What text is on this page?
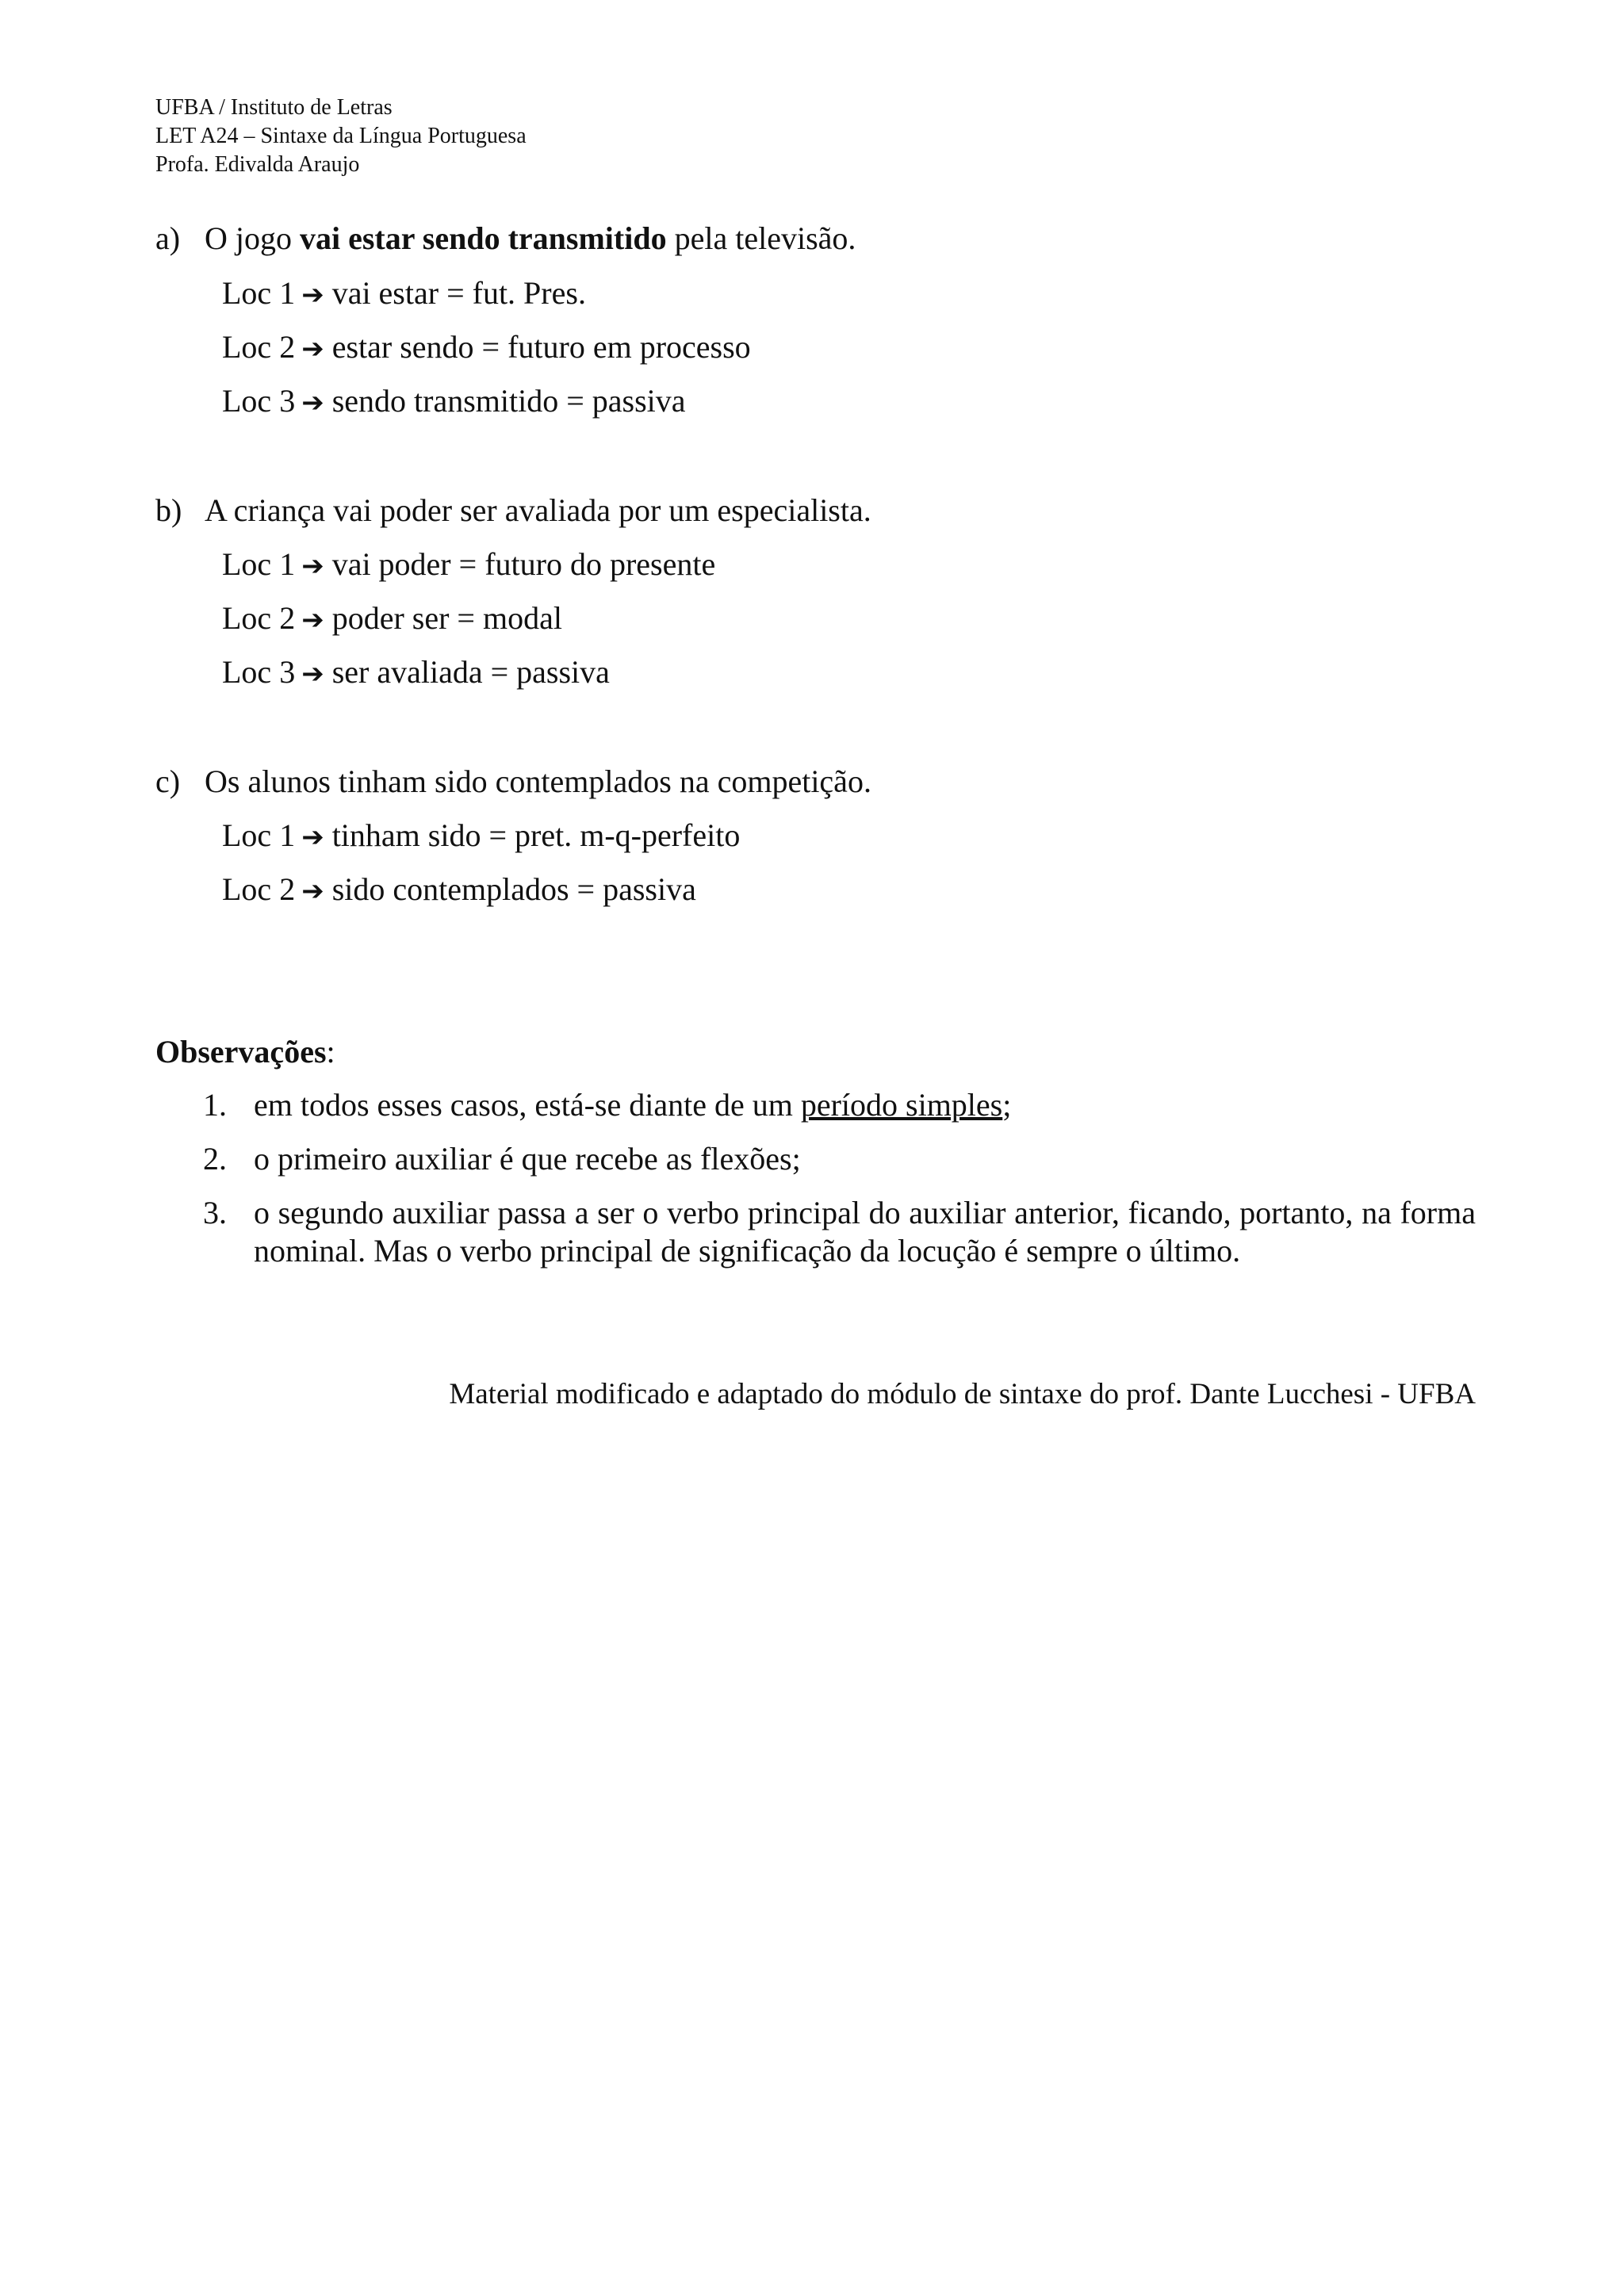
UFBA / Instituto de Letras
LET A24 – Sintaxe da Língua Portuguesa
Profa. Edivalda Araujo
a) O jogo vai estar sendo transmitido pela televisão.
Loc 1 ➔ vai estar = fut. Pres.
Loc 2 ➔ estar sendo = futuro em processo
Loc 3 ➔ sendo transmitido = passiva
b) A criança vai poder ser avaliada por um especialista.
Loc 1 ➔ vai poder = futuro do presente
Loc 2 ➔ poder ser = modal
Loc 3 ➔ ser avaliada = passiva
c) Os alunos tinham sido contemplados na competição.
Loc 1 ➔ tinham sido = pret. m-q-perfeito
Loc 2 ➔ sido contemplados = passiva
Observações:
1. em todos esses casos, está-se diante de um período simples;
2. o primeiro auxiliar é que recebe as flexões;
3. o segundo auxiliar passa a ser o verbo principal do auxiliar anterior, ficando, portanto, na forma nominal. Mas o verbo principal de significação da locução é sempre o último.
Material modificado e adaptado do módulo de sintaxe do prof. Dante Lucchesi - UFBA
